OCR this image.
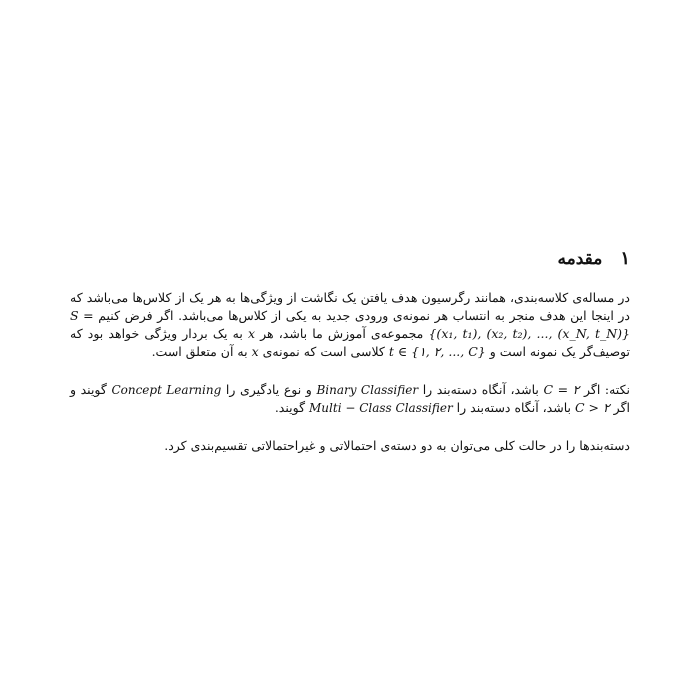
۱
مقدمه

در مساله‌ی کلاسه‌بندی، همانند رگرسیون هدف یافتن یک نگاشت از ویژگی‌ها به هر یک از کلاس‌ها می‌باشد که در اینجا این هدف منجر به انتساب هر نمونه‌ی ورودی جدید به یکی از کلاس‌ها می‌باشد. اگر فرض کنیم S = {(x₁, t₁), (x₂, t₂), ..., (x_N, t_N)} مجموعه‌ی آموزش ما باشد، هر x به یک بردار ویژگی خواهد بود که توصیف‌گر یک نمونه است و t ∈ {۱, ۲, ..., C} کلاسی است که نمونه‌ی x به آن متعلق است.

نکته: اگر C = ۲ باشد، آنگاه دسته‌بند را Binary Classifier و نوع یادگیری را Concept Learning گویند و اگر C > ۲ باشد، آنگاه دسته‌بند را Multi − Class Classifier گویند.

دسته‌بندها را در حالت کلی می‌توان به دو دسته‌ی احتمالاتی و غیراحتمالاتی تقسیم‌بندی کرد.
